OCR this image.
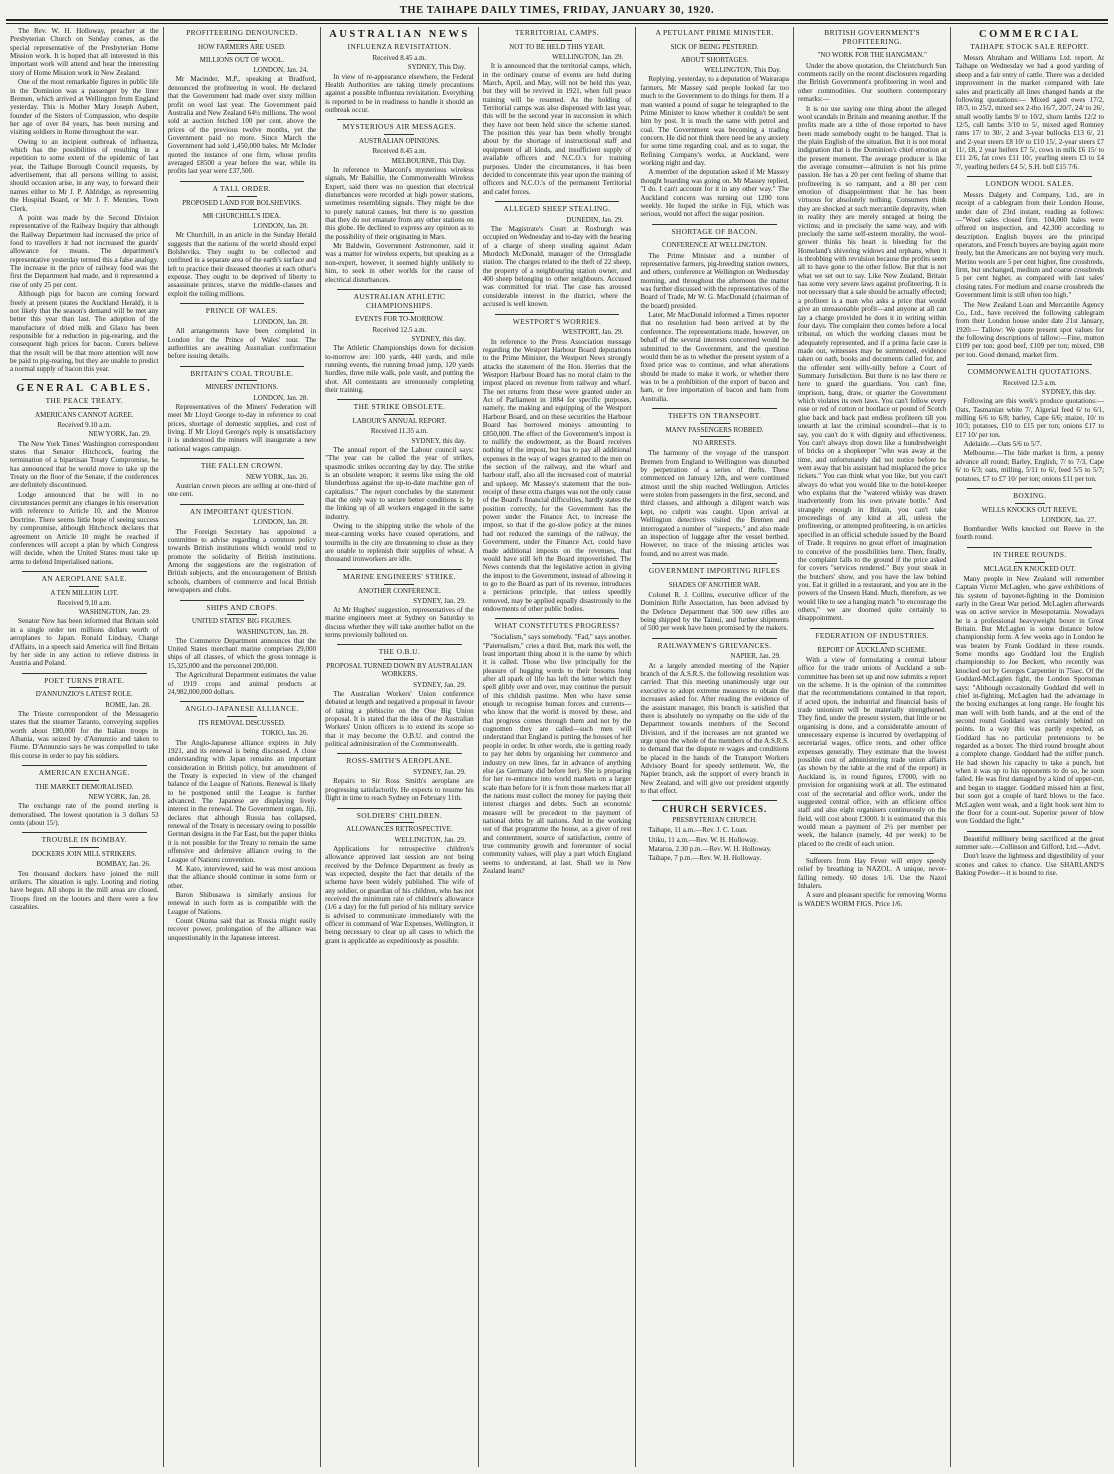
THE TAIHAPE DAILY TIMES, FRIDAY, JANUARY 30, 1920.

The Rev. W. H. Holloway, preacher at the Presbyterian Church on Sunday comes, as the special representative of the Presbyterian Home Mission work. It is hoped that all interested in this important work will attend and hear the interesting story of Home Mission work in New Zealand.

One of the most remarkable figures in public life in the Dominion was a passenger by the liner Bremen, which arrived at Wellington from England yesterday. This is Mother Mary Joseph Aubert, founder of the Sisters of Compassion, who despite her age of over 84 years, has been nursing and visiting soldiers in Rome throughout the war.

Owing to an incipient outbreak of influenza, which has the possibilities of resulting in a repetition to some extent of the epidemic of last year, the Taihape Borough Council requests, by advertisement, that all persons willing to assist, should occasion arise, in any way, to forward their names either to Mr J. P. Aldridge, as representing the Hospital Board, or Mr J. F. Menzies, Town Clerk.

A point was made by the Second Division representative of the Railway Inquiry that although the Railway Department had increased the price of food to travellers it had not increased the guards' allowance for means. The department's representative yesterday termed this a false analogy. The increase in the price of railway food was the first the Department had made, and it represented a rise of only 25 per cent.

Although pigs for bacon are coming forward freely at present (states the Auckland Herald), it is not likely that the season's demand will be met any better this year than last. The adoption of the manufacture of dried milk and Glaxo has been responsible for a reduction in pig-rearing, and the consequent high prices for bacon. Curers believe that the result will be that more attention will now be paid to pig-rearing, but they are unable to predict a normal supply of bacon this year.

GENERAL CABLES.
THE PEACE TREATY.
AMERICANS CANNOT AGREE.
Received 9.10 a.m.
NEW YORK, Jan. 29.

The New York Times' Washington correspondent states that Senator Hitchcock, fearing the termination of a bipartisan Treaty Compromise, he has announced that he would move to take up the Treaty on the floor of the Senate, if the conferences are definitely discontinued.

Lodge announced that he will in no circumstances permit any changes in his reservation with reference to Article 10, and the Monroe Doctrine. There seems little hope of seeing success by compromise, although Hitchcock declares that agreement on Article 10 might be reached if conferences will accept a plan by which Congress will decide, when the United States must take up arms to defend Imperialised nations.

AN AEROPLANE SALE.
A TEN MILLION LOT.
Received 9.10 a.m.
WASHINGTON, Jan. 29.

Senator New has been informed that Britain sold in a single order ten millions dollars worth of aeroplanes to Japan. Ronald Lindsay, Charge d'Affairs, in a speech said America will find Britain by her side in any action to relieve distress in Austria and Poland.

POET TURNS PIRATE.
D'ANNUNZIO'S LATEST ROLE.
ROME, Jan. 28.

The Trieste correspondent of the Messagerio states that the steamer Taranto, conveying supplies worth about £80,000 for the Italian troops in Albania, was seized by d'Annunzio and taken to Fiume. D'Annunzio says he was compelled to take this course in order to pay his soldiers.

AMERICAN EXCHANGE.
THE MARKET DEMORALISED.
NEW YORK, Jan. 28.

The exchange rate of the pound sterling is demoralised. The lowest quotation is 3 dollars 53 cents (about 15/).

TROUBLE IN BOMBAY.
DOCKERS JOIN MILL STRIKERS.
BOMBAY, Jan. 26.

Ten thousand dockers have joined the mill strikers. The situation is ugly. Looting and rioting have begun. All shops in the mill areas are closed. Troops fired on the looters and there were a few casualties.

PROFITEERING DENOUNCED.
HOW FARMERS ARE USED.
MILLIONS OUT OF WOOL.
LONDON, Jan. 24.

Mr Macinder, M.P., speaking at Bradford, denounced the profiteering in wool. He declared that the Government had made over sixty million profit on wool last year. The Government paid Australia and New Zealand 64½ millions. The wool sold at auction fetched 100 per cent. above the prices of the previous twelve months, yet the Government paid no more. Since March the Government had sold 1,450,000 bales. Mr McInder quoted the instance of one firm, whose profits averaged £8500 a year before the war, while its profits last year were £37,500.

A TALL ORDER.
PROPOSED LAND FOR BOLSHEVIKS.
MR CHURCHILL'S IDEA.
LONDON, Jan. 28.

Mr Churchill, in an article in the Sunday Herald suggests that the nations of the world should expel Bolsheviks. They ought to be collected and confined in a separate area of the earth's surface and left to practice their diseased theories at each other's expense. They ought to be deprived of liberty to assassinate princes, starve the middle-classes and exploit the toiling millions.

PRINCE OF WALES.
LONDON, Jan. 28.

All arrangements have been completed in London for the Prince of Wales' tour. The authorities are awaiting Australian confirmation before issuing details.

BRITAIN'S COAL TROUBLE.
MINERS' INTENTIONS.
LONDON, Jan. 28.

Representatives of the Miners' Federation will meet Mr Lloyd George to-day in reference to coal prices, shortage of domestic supplies, and cost of living. If Mr Lloyd George's reply is unsatisfactory it is understood the miners will inaugurate a new national wages campaign.

THE FALLEN CROWN.
NEW YORK, Jan. 26.

Austrian crown pieces are selling at one-third of one cent.

AN IMPORTANT QUESTION.
LONDON, Jan. 28.

The Foreign Secretary has appointed a committee to advise regarding a common policy towards British institutions which would tend to promote the solidarity of British institutions. Among the suggestions are the registration of British subjects, and the encouragement of British schools, chambers of commerce and local British newspapers and clubs.

SHIPS AND CROPS.
UNITED STATES' BIG FIGURES.
WASHINGTON, Jan. 28.

The Commerce Department announces that the United States merchant marine comprises 29,000 ships of all classes, of which the gross tonnage is 15,325,000 and the personnel 200,000.

The Agricultural Department estimates the value of 1919 crops and animal products at 24,982,000,000 dollars.

ANGLO-JAPANESE ALLIANCE.
ITS REMOVAL DISCUSSED.
TOKIO, Jan. 26.

The Anglo-Japanese alliance expires in July 1921, and its renewal is being discussed. A close understanding with Japan remains an important consideration in British policy, but amendment of the Treaty is expected in view of the changed balance of the League of Nations. Renewal is likely to be postponed until the League is further advanced. The Japanese are displaying lively interest in the renewal. The Government organ, Jiji, declares that although Russia has collapsed, renewal of the Treaty is necessary owing to possible German designs in the Far East, but the paper thinks it is not possible for the Treaty to remain the same offensive and defensive alliance owing to the League of Nations convention.

M. Kato, interviewed, said he was most anxious that the alliance should continue in some form or other.

Baron Shibusawa is similarly anxious for renewal in such form as is compatible with the League of Nations.

Count Okuma said that as Russia might easily recover power, prolongation of the alliance was unquestionably in the Japanese interest.

AUSTRALIAN NEWS
INFLUENZA REVISITATION.
Received 8.45 a.m.
SYDNEY, This Day.

In view of re-appearance elsewhere, the Federal Health Authorities are taking timely precautions against a possible influenza revisitation. Everything is reported to be in readiness to handle it should an outbreak occur.

MYSTERIOUS AIR MESSAGES.
AUSTRALIAN OPINIONS.
Received 8.45 a.m.
MELBOURNE, This Day.

In reference to Marconi's mysterious wireless signals, Mr Balsillie, the Commonwealth Wireless Expert, said there was no question that electrical disturbances were recorded at high power stations, sometimes resembling signals. They might be due to purely natural causes, but there is no question that they do not emanate from any other stations on this globe. He declined to express any opinion as to the possibility of their originating in Mars.

Mr Baldwin, Government Astronomer, said it was a matter for wireless experts, but speaking as a non-expert, however, it seemed highly unlikely to him, to seek in other worlds for the cause of electrical disturbances.

AUSTRALIAN ATHLETIC CHAMPIONSHIPS.
EVENTS FOR TO-MORROW.
Received 12.5 a.m.
SYDNEY, this day.

The Athletic Championships down for decision to-morrow are: 100 yards, 440 yards, and mile running events, the running broad jump, 120 yards hurdles, three mile walk, pole vault, and putting the shot. All contestants are strenuously completing their training.

THE STRIKE OBSOLETE.
LABOUR'S ANNUAL REPORT.
Received 11.35 a.m.
SYDNEY, this day.

The annual report of the Labour council says: "The year can be called the year of strikes, spasmodic strikes occurring day by day. The strike is an obsolete weapon; it seems like using the old blunderbuss against the up-to-date machine gun of capitalists." The report concludes by the statement that the only way to secure better conditions is by the linking up of all workers engaged in the same industry.

Owing to the shipping strike the whole of the meat-canning works have ceased operations, and tourmills in the city are threatening to close as they are unable to replenish their supplies of wheat. A thousand ironworkers are idle.

MARINE ENGINEERS' STRIKE.
ANOTHER CONFERENCE.
SYDNEY, Jan. 29.

At Mr Hughes' suggestion, representatives of the marine engineers meet at Sydney on Saturday to discuss whether they will take another ballot on the terms previously balloted on.

THE O.B.U.
PROPOSAL TURNED DOWN BY AUSTRALIAN WORKERS.
SYDNEY, Jan. 29.

The Australian Workers' Union conference debated at length and negatived a proposal in favour of taking a plebiscite on the One Big Union proposal. It is stated that the idea of the Australian Workers' Union officers is to extend its scope so that it may become the O.B.U. and control the political administration of the Commonwealth.

ROSS-SMITH'S AEROPLANE.
SYDNEY, Jan. 29.

Repairs to Sir Ross Smith's aeroplane are progressing satisfactorily. He expects to resume his flight in time to reach Sydney on February 11th.

SOLDIERS' CHILDREN.
ALLOWANCES RETROSPECTIVE.
WELLINGTON, Jan. 29.

Applications for retrospective children's allowance approved last session are not being received by the Defence Department as freely as was expected, despite the fact that details of the scheme have been widely published. The wife of any soldier, or guardian of his children, who has not received the minimum rate of children's allowance (1/6 a day) for the full period of his military service is advised to communicate immediately with the officer in command of War Expenses, Wellington, it being necessary to clear up all cases to which the grant is applicable as expeditiously as possible.

TERRITORIAL CAMPS.
NOT TO BE HELD THIS YEAR.
WELLINGTON, Jan. 29.

It is announced that the territorial camps, which, in the ordinary course of events are held during March, April, and May, will not be held this year, but they will be revived in 1921, when full peace training will be resumed. As the holding of Territorial camps was also dispensed with last year, this will be the second year in succession in which they have not been held since the scheme started. The position this year has been wholly brought about by the shortage of instructional staff and equipment of all kinds, and insufficient supply of available officers and N.C.O.'s for training purposes. Under the circumstances, it has been decided to concentrate this year upon the training of officers and N.C.O.'s of the permanent Territorial and cadet forces.

ALLEGED SHEEP STEALING.
DUNEDIN, Jan. 29.

The Magistrate's Court at Roxburgh was occupied on Wednesday and to-day with the hearing of a charge of sheep stealing against Adam Murdoch McDonald, manager of the Ormsgladie station. The charges related to the theft of 22 sheep, the property of a neighbouring station owner, and 400 sheep belonging to other neighbours. Accused was committed for trial. The case has aroused considerable interest in the district, where the accused is well known.

WESTPORT'S WORRIES.
WESTPORT, Jan. 29.

In reference to the Press Association message regarding the Westport Harbour Board deputations to the Prime Minister, the Westport News strongly attacks the statement of the Hon. Herries that the Westport Harbour Board has no moral claim to the impost placed on revenue from railway and wharf. The net returns from these were granted under an Act of Parliament in 1884 for specific purposes, namely, the making and equipping of the Westport Harbour Board, and on these securities the Harbour Board has borrowed moneys amounting to £850,000. The effect of the Government's impost is to nullify the endowment, as the Board receives nothing of the impost, but has to pay all additional expenses in the way of wages granted to the men on the section of the railway, and the wharf and harbour staff, also all the increased cost of material and upkeep. Mr Massey's statement that the non-receipt of these extra charges was not the only cause of the Board's financial difficulties, hardly states the position correctly, for the Government has the power under the Finance Act, to increase the impost, so that if the go-slow policy at the mines had not reduced the earnings of the railway, the Government, under the Finance Act, could have made additional imposts on the revenues, that would have still left the Board impoverished. The News contends that the legislative action in giving the impost to the Government, instead of allowing it to go to the Board as part of its revenue, introduces a pernicious principle, that unless speedily removed, may be applied equally disastrously to the endowments of other public bodies.

WHAT CONSTITUTES PROGRESS?

"Socialism," says somebody. "Fad," says another. "Paternalism," cries a third. But, mark this well, the least important thing about it is the name by which it is called. Those who live principally for the pleasure of hugging words to their bosoms long after all spark of life has left the letter which they spell glibly over and over, may continue the pursuit of this childish pastime. Men who have sense enough to recognise human forces and currents—who know that the world is moved by these, and that progress comes through them and not by the cognomen they are called—such men will understand that England is putting the houses of her people in order. In other words, she is getting ready to pay her debts by organising her commerce and industry on new lines, far in advance of anything else (as Germany did before her). She is preparing for her re-entrance into world markets on a larger scale than before for it is from those markets that all the nations must collect the money for paying their interest charges and debts. Such an economic measure will be precedent to the payment of national debts by all nations. And in the working out of that programme the house, as a giver of rest and contentment, source of satisfaction, centre of true community growth and forerunner of social community values, will play a part which England seems to understand, at last. Shall we in New Zealand learn?

A PETULANT PRIME MINISTER.
SICK OF BEING PESTERED.
ABOUT SHORTAGES.
WELLINGTON, This Day.

Replying, yesterday, to a deputation of Wairarapa farmers, Mr Massey said people looked far too much to the Government to do things for them. If a man wanted a pound of sugar he telegraphed to the Prime Minister to know whether it couldn't be sent him by post. It is much the same with petrol and coal. The Government was becoming a trading concern. He did not think there need be any anxiety for some time regarding coal, and as to sugar, the Refining Company's works, at Auckland, were working night and day.

A member of the deputation asked if Mr Massey thought hoarding was going on. Mr Massey replied, "I do. I can't account for it in any other way." The Auckland concern was turning out 1200 tons weekly. He hoped the strike in Fiji, which was serious, would not affect the sugar position.

SHORTAGE OF BACON.
CONFERENCE AT WELLINGTON.

The Prime Minister and a number of representative farmers, pig-breeding station owners, and others, conference at Wellington on Wednesday morning, and throughout the afternoon the matter was further discussed with the representatives of the Board of Trade, Mr W. G. MacDonald (chairman of the board) presided.

Later, Mr MacDonald informed a Times reporter that no resolution had been arrived at by the conference. The representations made, however, on behalf of the several interests concerned would be submitted to the Government, and the question would then be as to whether the present system of a fixed price was to continue, and what alterations should be made to make it work, or whether there was to be a prohibition of the export of bacon and ham, or free importation of bacon and ham from Australia.

THEFTS ON TRANSPORT.
MANY PASSENGERS ROBBED.
NO ARRESTS.

The harmony of the voyage of the transport Bremen from England to Wellington was disturbed by perpetration of a series of thefts. These commenced on January 12th, and were continued almost until the ship reached Wellington. Articles were stolen from passengers in the first, second, and third classes, and although a diligent watch was kept, no culprit was caught. Upon arrival at Wellington detectives visited the Bremen and interrogated a number of "suspects," and also made an inspection of luggage after the vessel berthed. However, no trace of the missing articles was found, and no arrest was made.

GOVERNMENT IMPORTING RIFLES
SHADES OF ANOTHER WAR.

Colonel R. J. Collins, executive officer of the Dominion Rifle Association, has been advised by the Defence Department that 500 new rifles are being shipped by the Tainui, and further shipments of 500 per week have been promised by the makers.

RAILWAYMEN'S GRIEVANCES.
NAPIER, Jan. 29.

At a largely attended meeting of the Napier branch of the A.S.R.S. the following resolution was carried: That this meeting unanimously urge our executive to adopt extreme measures to obtain the increases asked for. After reading the evidence of the assistant manager, this branch is satisfied that there is absolutely no sympathy on the side of the Department towards members of the Second Division, and if the increases are not granted we urge upon the whole of the members of the A.S.R.S. to demand that the dispute re wages and conditions be placed in the hands of the Transport Workers Advisory Board for speedy settlement. We, the Napier branch, ask the support of every branch in New Zealand, and will give our president urgently to that effect.

CHURCH SERVICES.
PRESBYTERIAN CHURCH.

Taihape, 11 a.m.—Rev. J. C. Loan.

Utiku, 11 a.m.—Rev. W. H. Holloway.

Mataroa, 2.30 p.m.—Rev. W. H. Holloway.

Taihape, 7 p.m.—Rev. W. H. Holloway.

BRITISH GOVERNMENT'S PROFITEERING.
"NO WORK FOR THE HANGMAN."

Under the above quotation, the Christchurch Sun comments racily on the recent disclosures regarding the British Government's profiteering in wool and other commodities. Our southern contemporary remarks:—

It is no use saying one thing about the alleged wool scandals in Britain and meaning another. If the profits made are a tithe of those reported to have been made somebody ought to be hanged. That is the plain English of the situation. But it is not moral indignation that is the Dominion's chief emotion at the present moment. The average producer is like the average consumer—altruism is not his prime passion. He has a 20 per cent feeling of shame that profiteering is so rampant, and a 80 per cent emotion of disappointment that he has been virtuous for absolutely nothing. Consumers think they are shocked at such mercantile depravity, when in reality they are merely enraged at being the victims; and in precisely the same way, and with precisely the same self-esteem morality, the wool-grower thinks his heart is bleeding for the Homeland's shivering widows and orphans, when it is throbbing with revulsion because the profits seem all to have gone to the other fellow. But that is not what we set out to say. Like New Zealand, Britain has some very severe laws against profiteering. It is not necessary that a sale should be actually effected; a profiteer is a man who asks a price that would give an unreasonable profit—and anyone at all can lay a charge provided he does it in writing within four days. The complaint then comes before a local tribunal, on which the working classes must be adequately represented, and if a prima facie case is made out, witnesses may be summoned, evidence taken on oath, books and documents called for, and the offender sent willy-nilly before a Court of Summary Jurisdiction. But there is no law there or here to guard the guardians. You can't fine, imprison, hang, draw, or quarter the Government which violates its own laws. You can't follow every ruse or red of cotton or bootlace or pound of Scotch glue back and back past endless profiteers till you unearth at last the criminal scoundrel—that is to say, you can't do it with dignity and effectiveness. You can't always drop down like a hundredweight of bricks on a shopkeeper "who was away at the time, and unfortunately did not notice before he went away that his assistant had misplaced the price tickets." You can think what you like, but you can't always do what you would like to the hotel-keeper who explains that the "watered whisky was drawn inadvertently from his own private bottle." And strangely enough in Britain, you can't take proceedings of any kind at all, unless the profiteering, or attempted profiteering, is on articles specified in an official schedule issued by the Board of Trade. It requires no great effort of imagination to conceive of the possibilities here. Then, finally, the complaint falls to the ground if the price asked for covers "services rendered." Buy your steak in the butchers' show, and you have the law behind you. Eat it grilled in a restaurant, and you are in the powers of the Unseen Hand. Much, therefore, as we would like to see a hanging match "to encourage the others," we are doomed quite certainly to disappointment.

FEDERATION OF INDUSTRIES.
REPORT OF AUCKLAND SCHEME.

With a view of formulating a central labour office for the trade unions of Auckland a sub-committee has been set up and now submits a report on the scheme. It is the opinion of the committee that the recommendations contained in that report, if acted upon, the industrial and financial basis of trade unionism will be materially strengthened. They find, under the present system, that little or no organising is done, and a considerable amount of unnecessary expense is incurred by overlapping of secretarial wages, office rents, and other office expenses generally. They estimate that the lowest possible cost of administering trade union affairs (as shown by the table at the end of the report) in Auckland is, in round figures, £7000, with no provision for organising work at all. The estimated cost of the secretarial and office work, under the suggested central office, with an efficient office staff and also eight organisers continuously on the field, will cost about £3000. It is estimated that this would mean a payment of 2½ per member per week, the balance (namely, 4d per week) to be placed to the credit of each union.

Sufferers from Hay Fever will enjoy speedy relief by breathing in NAZOL. A unique, never-failing remedy. 60 doses 1/6. Use the Nazol Inhalers.

A sure and pleasant specific for removing Worms is WADE'S WORM FIGS. Price 1/6.

COMMERCIAL
TAIHAPE STOCK SALE REPORT.

Messrs Abraham and Williams Ltd. report. At Taihape on Wednesday we had a good yarding of sheep and a fair entry of cattle. There was a decided improvement in the market compared with late sales and practically all lines changed hands at the following quotations:— Mixed aged ewes 17/2, 18/3, to 25/2, mixed sex 2-tho 16/7, 20/7, 24/ to 26/, small woolly lambs 9/ to 10/2, shorn lambs 12/2 to 12/5, cull lambs 3/10 to 5/, mixed aged Romney rams 17/ to 30/, 2 and 3-year bullocks £13 6/, 21 and 2-year steers £8 10/ to £10 15/, 2-year steers £7 11/, £8, 2 year heifers £7 5/, cows in milk £6 15/ to £11 2/6, fat cows £11 10/, yearling steers £3 to £4 7/, yearling heifers £4 5/, S.H. bull £15 7/6.

LONDON WOOL SALES.

Messrs Dalgety and Company, Ltd., are in receipt of a cablegram from their London House, under date of 23rd instant, reading as follows:—"Wool sales closed firm. 104,000 bales were offered on inspection, and 42,300 according to description. English buyers are the principal operators, and French buyers are buying again more freely, but the Americans are not buying very much. Merino wools are 5 per cent higher, fine crossbreds, firm, but unchanged, medium and coarse crossbreds 5 per cent higher, as compared with last sales' closing rates. For medium and coarse crossbreds the Government limit is still often too high."

The New Zealand Loan and Mercantile Agency Co., Ltd., have received the following cablegram from their London house under date 21st January, 1920:— Tallow: We quote present spot values for the following descriptions of tallow:—Fine, mutton £109 per ton; good beef, £109 per ton; mixed, £98 per ton. Good demand, market firm.

COMMONWEALTH QUOTATIONS.
Received 12.5 a.m.
SYDNEY, this day.

Following are this week's produce quotations:—Oats, Tasmanian white 7/, Algerial feed 6/ to 6/1, milling 6/6 to 6/8; barley, Cape 6/6; maize, 10/ to 10/3; potatoes, £10 to £15 per ton; onions £17 to £17 10/ per ton.

Adelaide.—Oats 5/6 to 5/7.

Melbourne.—The hide market is firm, a penny advance all round; Barley, English, 7/ to 7/3, Cape 6/ to 6/3; oats, milling, 5/11 to 6/, feed 5/5 to 5/7; potatoes, £7 to £7 10/ per ton; onions £11 per ton.

BOXING.
WELLS KNOCKS OUT REEVE.
LONDON, Jan. 27.

Bombardier Wells knocked out Reeve in the fourth round.

IN THREE ROUNDS.
MCLAGLEN KNOCKED OUT.

Many people in New Zealand will remember Captain Victor McLaglen, who gave exhibitions of his system of bayonet-fighting in the Dominion early in the Great War period. McLaglen afterwards was on active service in Mesopotamia. Nowadays he is a professional heavyweight boxer in Great Britain. But McLaglen is some distance below championship form. A few weeks ago in London he was beaten by Frank Goddard in three rounds. Some months ago Goddard lost the English championship to Joe Beckett, who recently was knocked out by Georges Carpentier in 75sec. Of the Goddard-McLaglen fight, the London Sportsman says: "Although occasionally Goddard did well in chief in-fighting, McLaglen had the advantage in the boxing exchanges at long range. He fought his man well with both hands, and at the end of the second round Goddard was certainly behind on points. In a way this was partly expected, as Goddard has no particular pretensions to be regarded as a boxer. The third round brought about a complete change. Goddard had the stiffer punch. He had shown his capacity to take a punch, but when it was up to his opponents to do so, he soon failed. He was first damaged by a kind of upper-cut, and began to stagger. Goddard missed him at first, but soon got a couple of hard blows to the face. McLaglen went weak, and a light hook sent him to the floor for a count-out. Superior power of blow won Goddard the fight."

Beautiful millinery being sacrificed at the great summer sale.—Collinson and Gifford, Ltd.—Advt.

Don't leave the lightness and digestibility of your scones and cakes to chance. Use SHARLAND'S Baking Powder—it is bound to rise.
